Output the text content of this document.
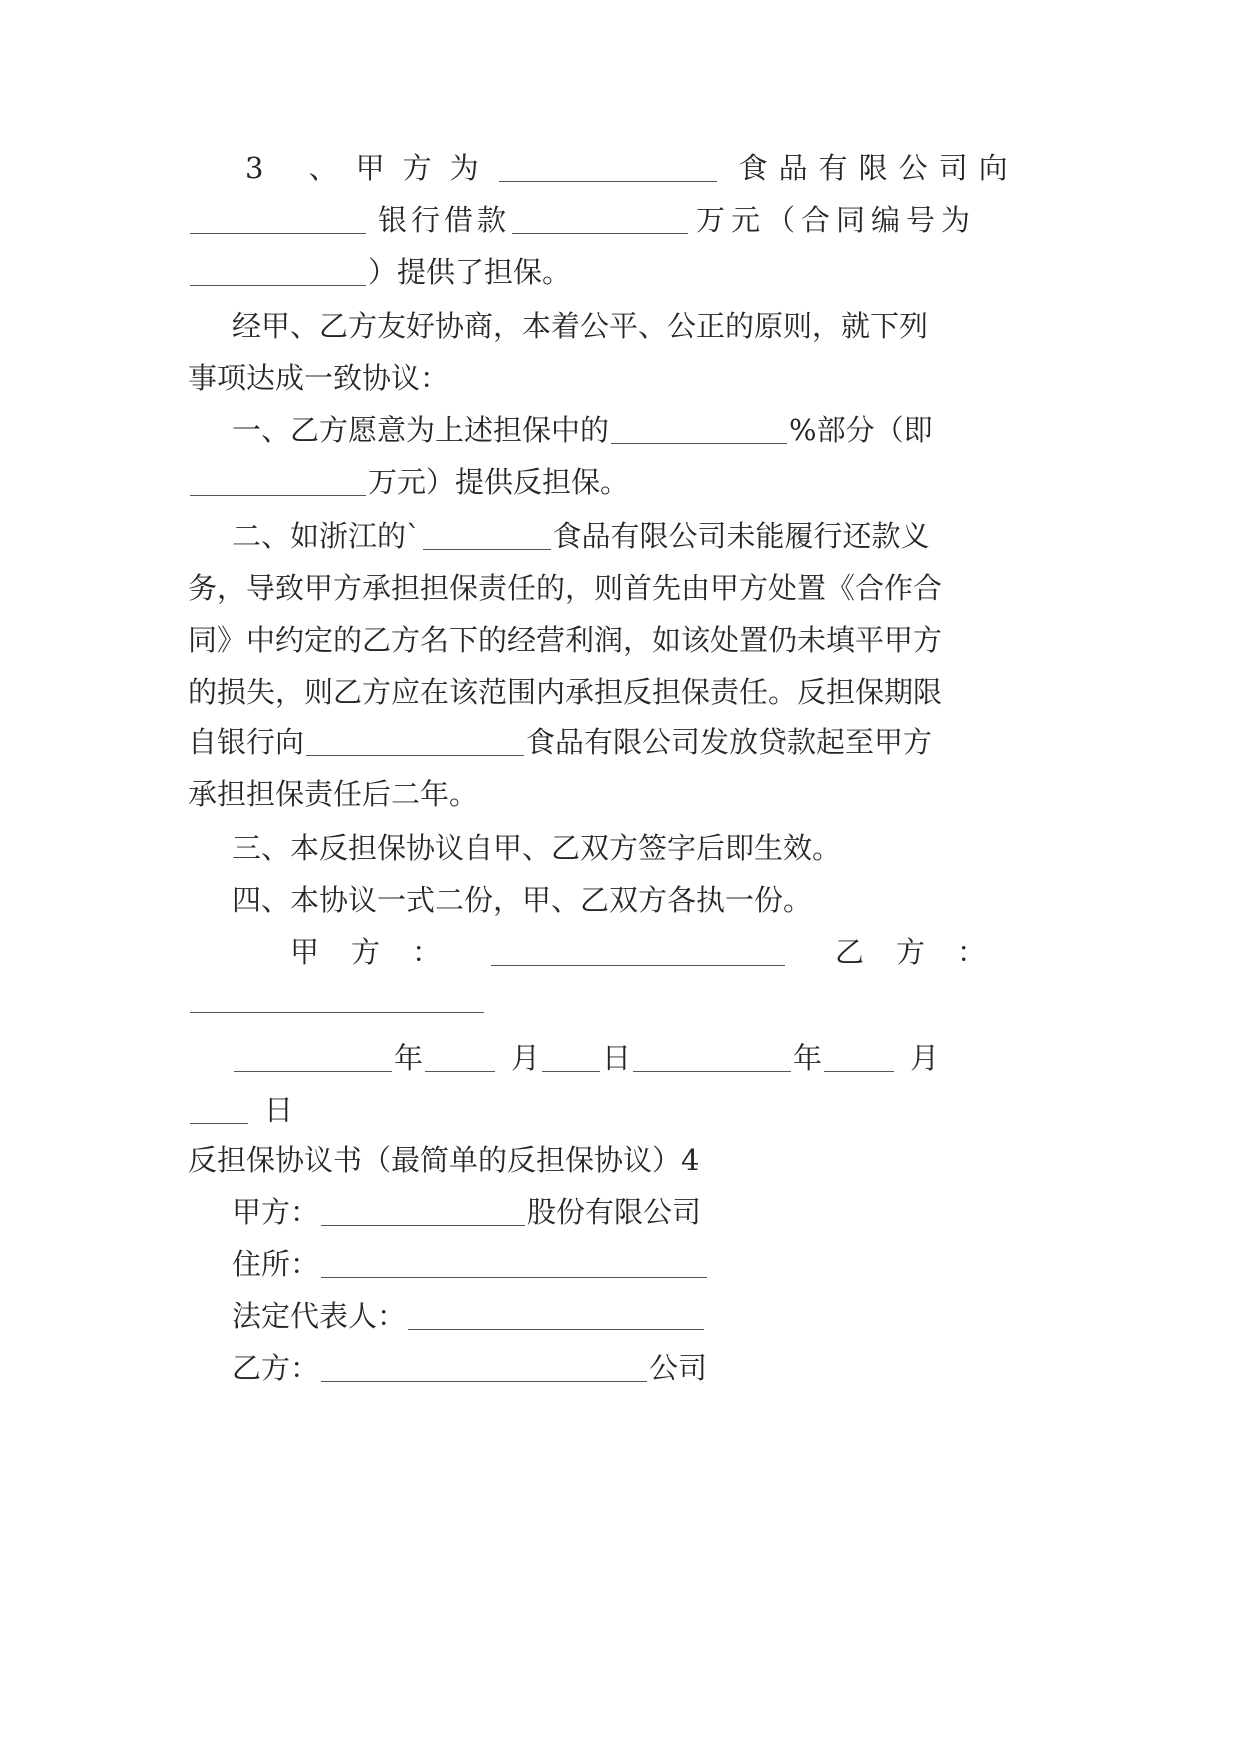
3 、甲方为	食品有限公司向
银行借款	万元（合同编号为
）提供了担保。
经甲、乙方友好协商，本着公平、公正的原则，就下列
事项达成一致协议：
一、乙方愿意为上述担保中的	%部分（即
万元）提供反担保。
二、如浙江的`	食品有限公司未能履行还款义
务，导致甲方承担担保责任的，则首先由甲方处置《合作合
同》中约定的乙方名下的经营利润，如该处置仍未填平甲方
的损失，则乙方应在该范围内承担反担保责任。反担保期限
自银行向	食品有限公司发放贷款起至甲方
承担担保责任后二年。
三、本反担保协议自甲、乙双方签字后即生效。
四、本协议一式二份，甲、乙双方各执一份。
甲方：	乙方：
年	月 日	年	月
日
反担保协议书（最简单的反担保协议）4
甲方：	股份有限公司
住所：
法定代表人：
乙方：	公司
